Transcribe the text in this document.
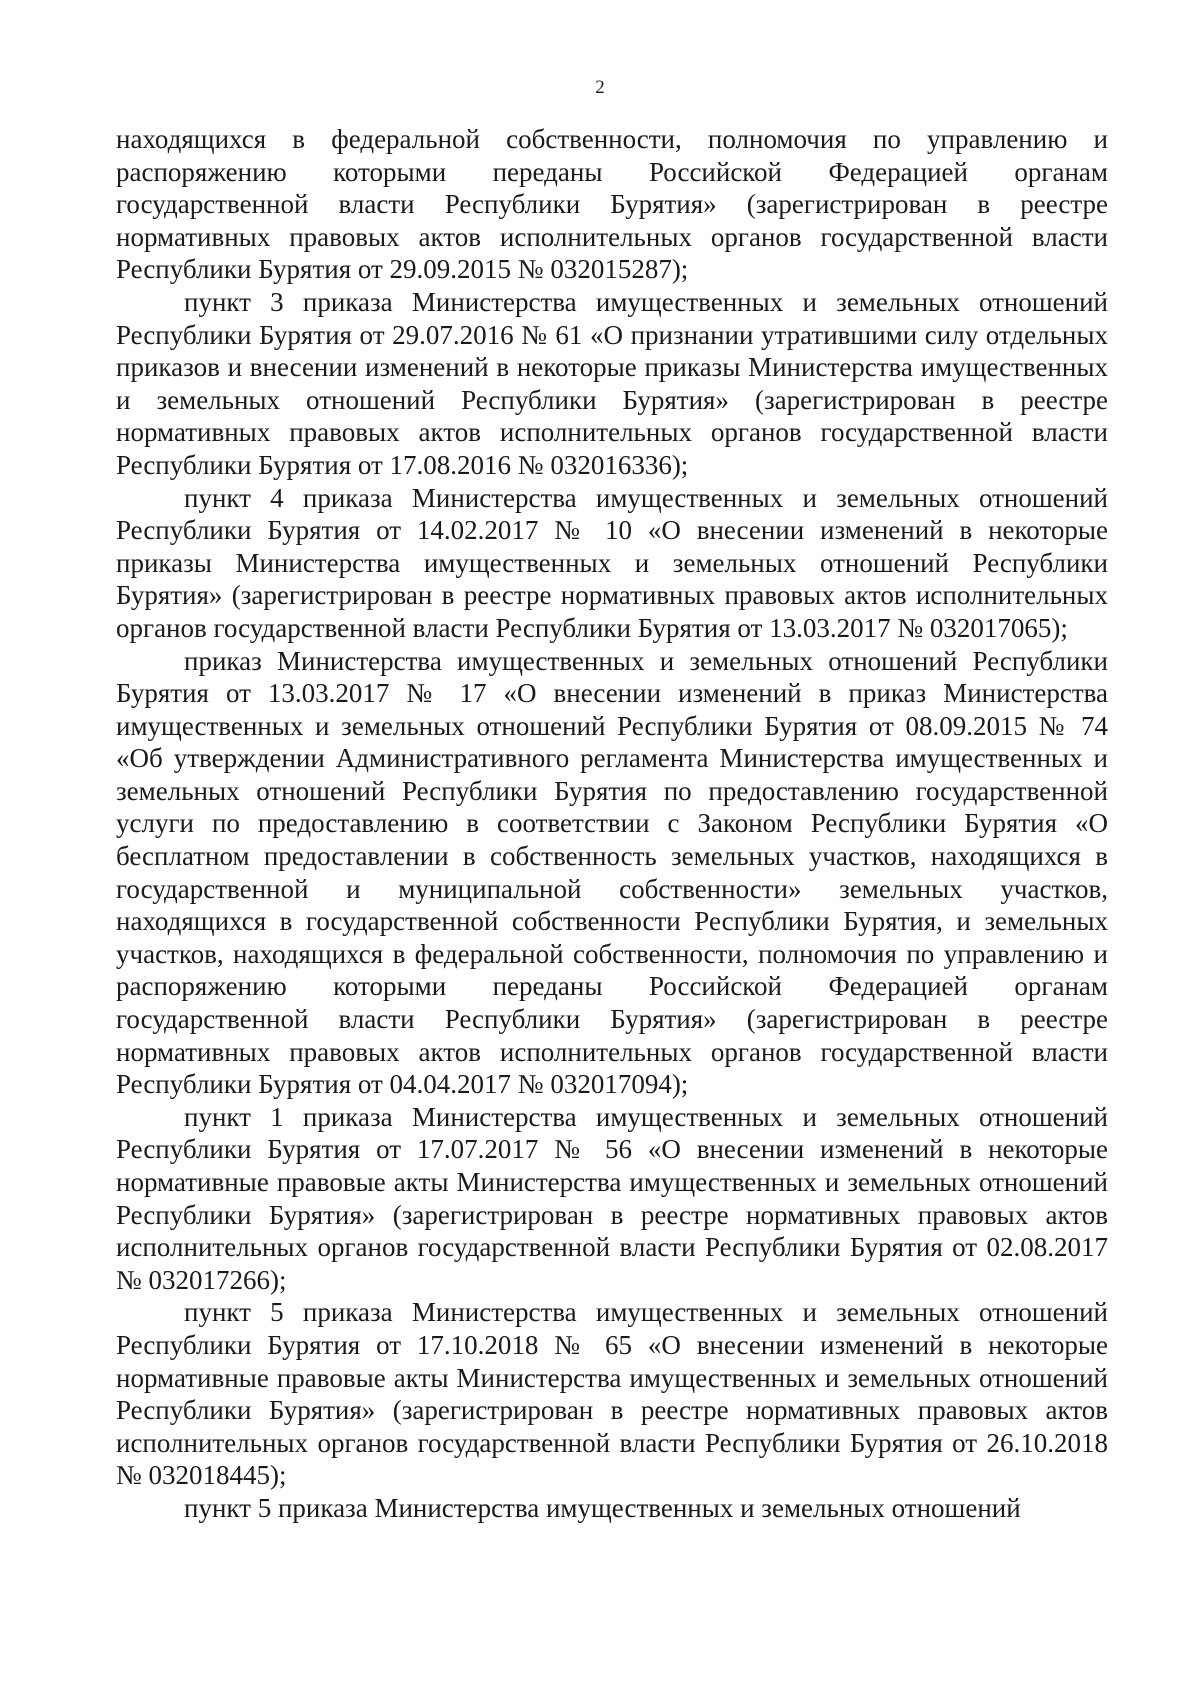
2

находящихся в федеральной собственности, полномочия по управлению и распоряжению которыми переданы Российской Федерацией органам государственной власти Республики Бурятия» (зарегистрирован в реестре нормативных правовых актов исполнительных органов государственной власти Республики Бурятия от 29.09.2015 № 032015287);

пункт 3 приказа Министерства имущественных и земельных отношений Республики Бурятия от 29.07.2016 № 61 «О признании утратившими силу отдельных приказов и внесении изменений в некоторые приказы Министерства имущественных и земельных отношений Республики Бурятия» (зарегистрирован в реестре нормативных правовых актов исполнительных органов государственной власти Республики Бурятия от 17.08.2016 № 032016336);

пункт 4 приказа Министерства имущественных и земельных отношений Республики Бурятия от 14.02.2017 № 10 «О внесении изменений в некоторые приказы Министерства имущественных и земельных отношений Республики Бурятия» (зарегистрирован в реестре нормативных правовых актов исполнительных органов государственной власти Республики Бурятия от 13.03.2017 № 032017065);

приказ Министерства имущественных и земельных отношений Республики Бурятия от 13.03.2017 № 17 «О внесении изменений в приказ Министерства имущественных и земельных отношений Республики Бурятия от 08.09.2015 № 74 «Об утверждении Административного регламента Министерства имущественных и земельных отношений Республики Бурятия по предоставлению государственной услуги по предоставлению в соответствии с Законом Республики Бурятия «О бесплатном предоставлении в собственность земельных участков, находящихся в государственной и муниципальной собственности» земельных участков, находящихся в государственной собственности Республики Бурятия, и земельных участков, находящихся в федеральной собственности, полномочия по управлению и распоряжению которыми переданы Российской Федерацией органам государственной власти Республики Бурятия» (зарегистрирован в реестре нормативных правовых актов исполнительных органов государственной власти Республики Бурятия от 04.04.2017 № 032017094);

пункт 1 приказа Министерства имущественных и земельных отношений Республики Бурятия от 17.07.2017 № 56 «О внесении изменений в некоторые нормативные правовые акты Министерства имущественных и земельных отношений Республики Бурятия» (зарегистрирован в реестре нормативных правовых актов исполнительных органов государственной власти Республики Бурятия от 02.08.2017 № 032017266);

пункт 5 приказа Министерства имущественных и земельных отношений Республики Бурятия от 17.10.2018 № 65 «О внесении изменений в некоторые нормативные правовые акты Министерства имущественных и земельных отношений Республики Бурятия» (зарегистрирован в реестре нормативных правовых актов исполнительных органов государственной власти Республики Бурятия от 26.10.2018 № 032018445);

пункт 5 приказа Министерства имущественных и земельных отношений
